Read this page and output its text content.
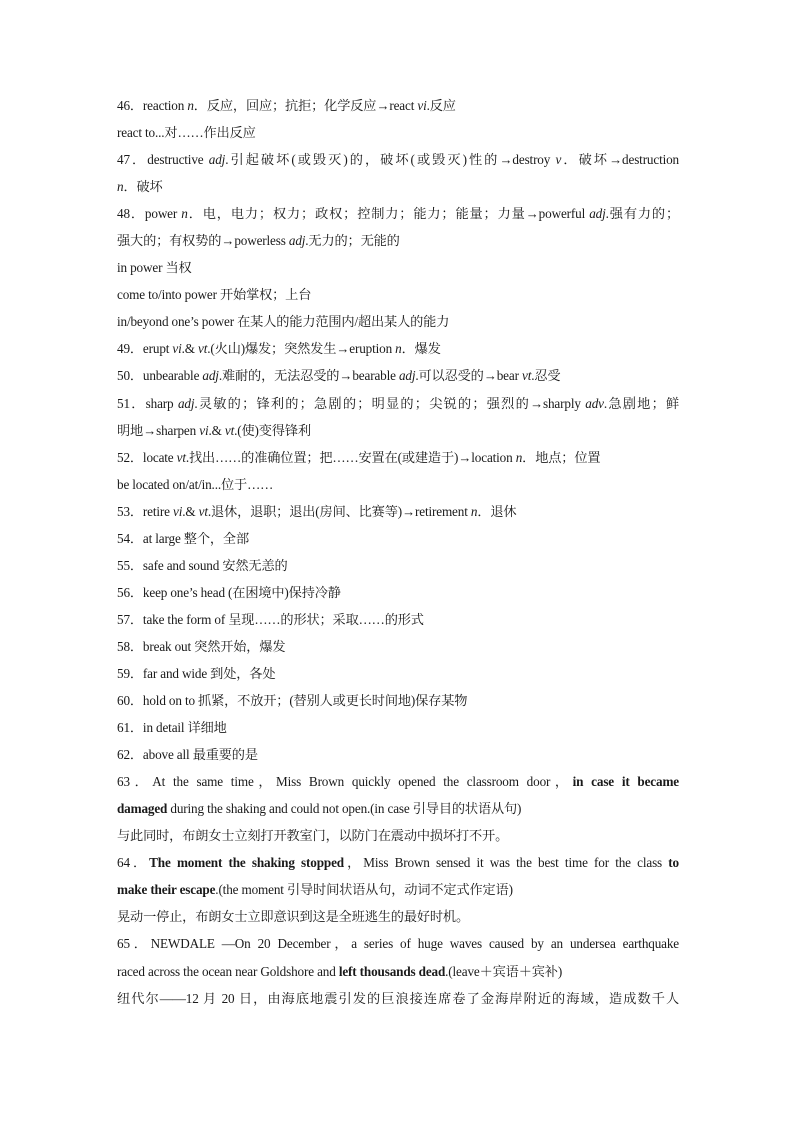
46．reaction n．反应，回应；抗拒；化学反应→react vi.反应
react to...对……作出反应
47．destructive adj.引起破坏(或毁灭)的，破坏(或毁灭)性的→destroy v．破坏→destruction
n．破坏
48．power n．电，电力；权力；政权；控制力；能力；能量；力量→powerful adj.强有力的；
强大的；有权势的→powerless adj.无力的；无能的
in power 当权
come to/into power 开始掌权；上台
in/beyond one’s power 在某人的能力范围内/超出某人的能力
49．erupt vi.& vt.(火山)爆发；突然发生→eruption n．爆发
50．unbearable adj.难耐的，无法忍受的→bearable adj.可以忍受的→bear vt.忍受
51．sharp adj.灵敏的；锋利的；急剧的；明显的；尖锐的；强烈的→sharply adv.急剧地；鲜
明地→sharpen vi.& vt.(使)变得锋利
52．locate vt.找出……的准确位置；把……安置在(或建造于)→location n．地点；位置
be located on/at/in...位于……
53．retire vi.& vt.退休，退职；退出(房间、比赛等)→retirement n．退休
54．at large 整个，全部
55．safe and sound 安然无恙的
56．keep one’s head (在困境中)保持冷静
57．take the form of 呈现……的形状；采取……的形式
58．break out 突然开始，爆发
59．far and wide 到处，各处
60．hold on to 抓紧，不放开；(替别人或更长时间地)保存某物
61．in detail 详细地
62．above all 最重要的是
63．At the same time，Miss Brown quickly opened the classroom door，in case it became
damaged during the shaking and could not open.(in case 引导目的状语从句)
与此同时，布朗女士立刻打开教室门，以防门在震动中损坏打不开。
64．The moment the shaking stopped，Miss Brown sensed it was the best time for the class to
make their escape.(the moment 引导时间状语从句，动词不定式作定语)
晃动一停止，布朗女士立即意识到这是全班逃生的最好时机。
65．NEWDALE —On 20 December，a series of huge waves caused by an undersea earthquake
raced across the ocean near Goldshore and left thousands dead.(leave＋宾语＋宾补)
纽代尔——12 月 20 日，由海底地震引发的巨浪接连席卷了金海岸附近的海域，造成数千人
